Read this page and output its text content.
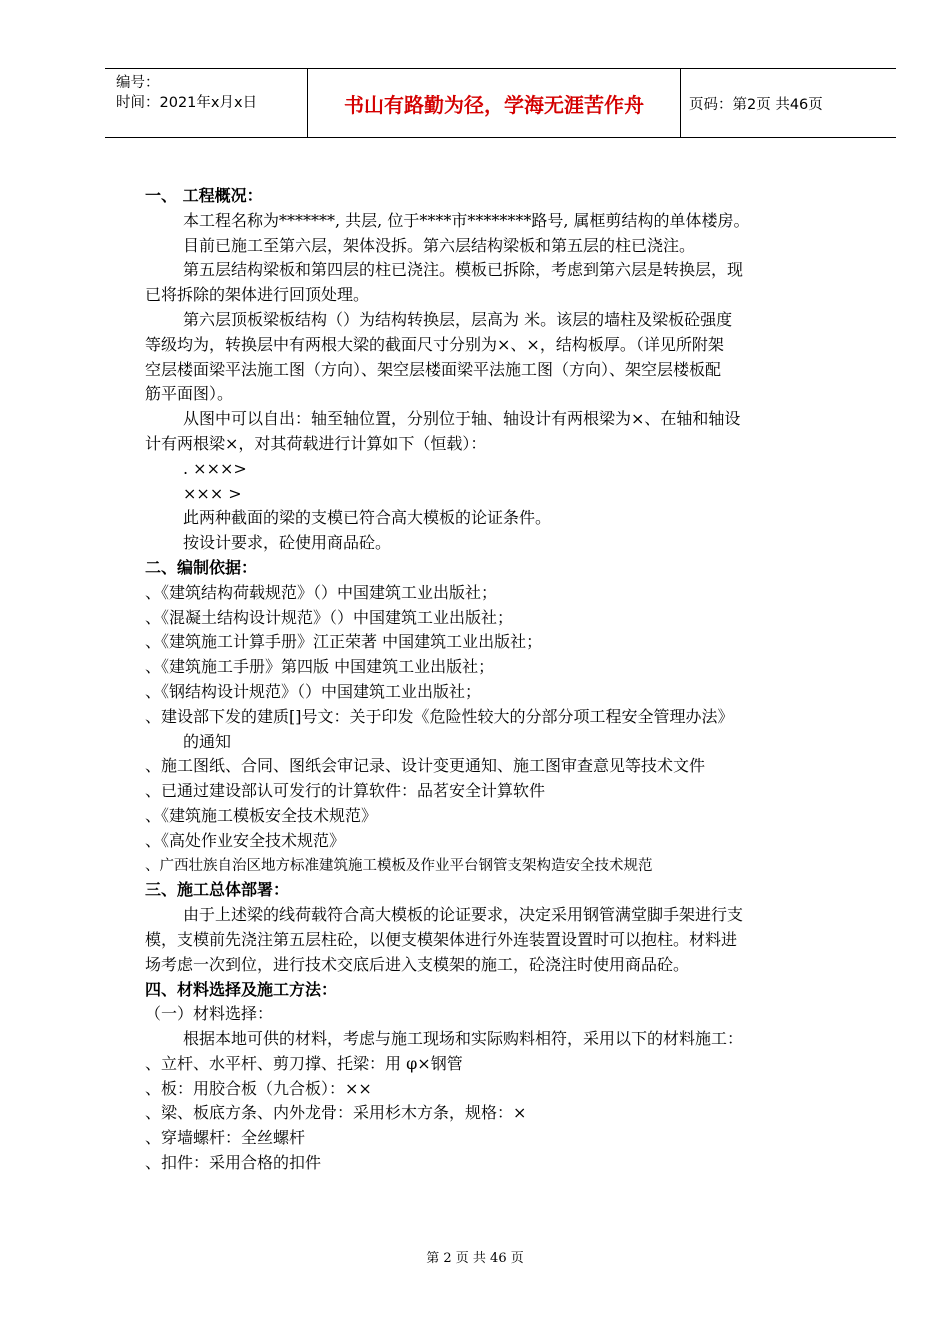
编号：
时间：2021年x月x日	书山有路勤为径，学海无涯苦作舟	页码：第2页 共46页
一、 工程概况：
本工程名称为*******, 共层, 位于****市********路号, 属框剪结构的单体楼房。
目前已施工至第六层，架体没拆。第六层结构梁板和第五层的柱已浇注。
第五层结构梁板和第四层的柱已浇注。模板已拆除，考虑到第六层是转换层，现
已将拆除的架体进行回顶处理。
第六层顶板梁板结构（）为结构转换层，层高为 米。该层的墙柱及梁板砼强度
等级均为，转换层中有两根大梁的截面尺寸分别为×、×，结构板厚。（详见所附架
空层楼面梁平法施工图（方向）、架空层楼面梁平法施工图（方向）、架空层楼板配
筋平面图）。
从图中可以自出：轴至轴位置，分别位于轴、轴设计有两根梁为×、在轴和轴设
计有两根梁×，对其荷载进行计算如下（恒载）：
. ×××>
××× >
此两种截面的梁的支模已符合高大模板的论证条件。
按设计要求，砼使用商品砼。
二、编制依据：
、《建筑结构荷载规范》（）中国建筑工业出版社；
、《混凝土结构设计规范》（）中国建筑工业出版社；
、《建筑施工计算手册》江正荣著 中国建筑工业出版社；
、《建筑施工手册》第四版 中国建筑工业出版社；
、《钢结构设计规范》（）中国建筑工业出版社；
、建设部下发的建质[]号文：关于印发《危险性较大的分部分项工程安全管理办法》
的通知
、施工图纸、合同、图纸会审记录、设计变更通知、施工图审查意见等技术文件
、已通过建设部认可发行的计算软件：品茗安全计算软件
、《建筑施工模板安全技术规范》
、《高处作业安全技术规范》
、广西壮族自治区地方标准建筑施工模板及作业平台钢管支架构造安全技术规范
三、施工总体部署：
由于上述梁的线荷载符合高大模板的论证要求，决定采用钢管满堂脚手架进行支
模，支模前先浇注第五层柱砼，以便支模架体进行外连装置设置时可以抱柱。材料进
场考虑一次到位，进行技术交底后进入支模架的施工，砼浇注时使用商品砼。
四、材料选择及施工方法：
（一）材料选择：
根据本地可供的材料，考虑与施工现场和实际购料相符，采用以下的材料施工：
、立杆、水平杆、剪刀撑、托梁：用 φ×钢管
、板：用胶合板（九合板）：××
、梁、板底方条、内外龙骨：采用杉木方条，规格：×
、穿墙螺杆：全丝螺杆
、扣件：采用合格的扣件
第 2 页 共 46 页
